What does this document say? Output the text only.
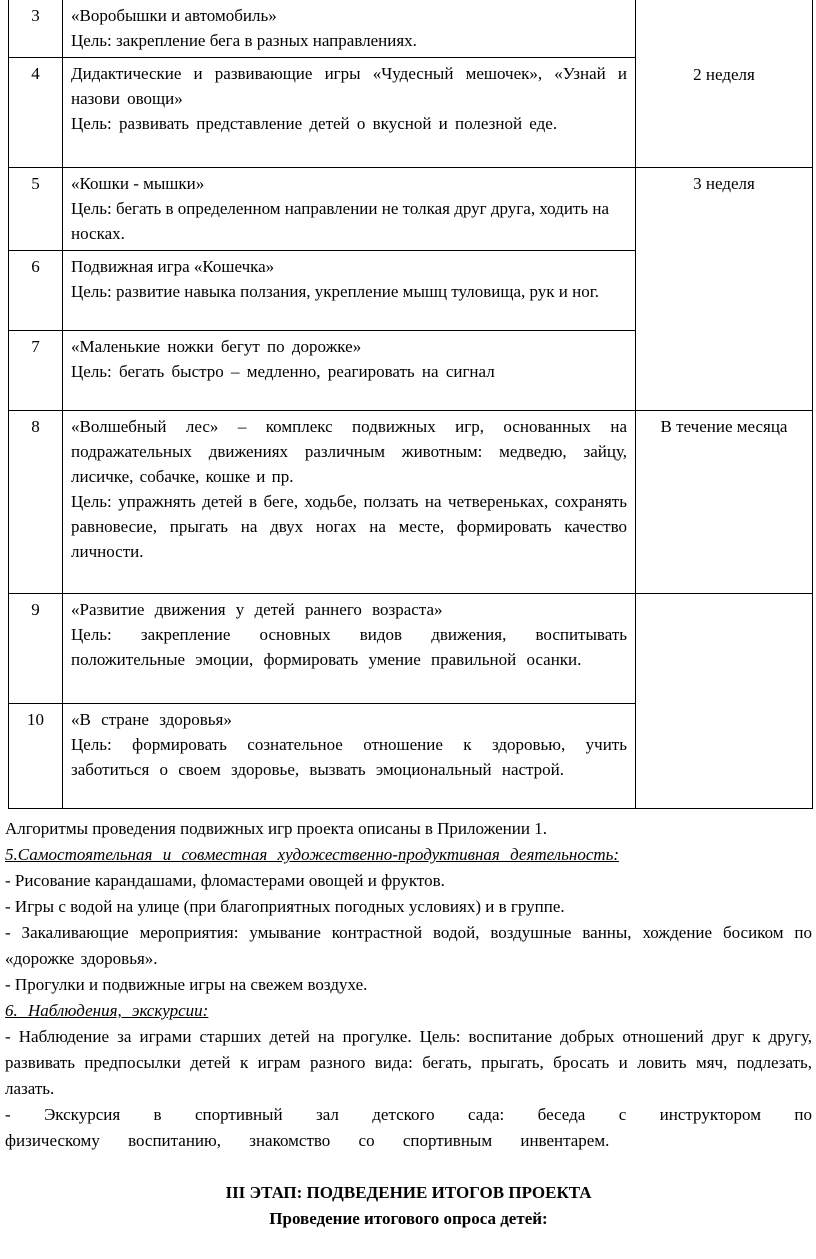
3	«Воробышки и автомобиль»

Цель: закрепление бега в разных направлениях.	2 неделя
4	Дидактические и развивающие игры «Чудесный мешочек», «Узнай и назови овощи»

Цель: развивать представление детей о вкусной и полезной еде.	

5	«Кошки - мышки»

Цель: бегать в определенном направлении не толкая друг друга, ходить на носках.	3 неделя
6	Подвижная игра «Кошечка»

Цель: развитие навыка ползания, укрепление мышц туловища, рук и ног.	

7	«Маленькие ножки бегут по дорожке»

Цель: бегать быстро – медленно, реагировать на сигнал	

8	«Волшебный лес» – комплекс подвижных игр, основанных на подражательных движениях различным животным: медведю, зайцу, лисичке, собачке, кошке и пр.

Цель: упражнять детей в беге, ходьбе, ползать на четвереньках, сохранять равновесие, прыгать на двух ногах на месте, формировать качество личности.	В течение месяца
9	«Развитие движения у детей раннего возраста»

Цель: закрепление основных видов движения, воспитывать положительные эмоции, формировать умение правильной осанки.	

10	«В стране здоровья»

Цель: формировать сознательное отношение к здоровью, учить заботиться о своем здоровье, вызвать эмоциональный настрой.	

Алгоритмы проведения подвижных игр проекта описаны в Приложении 1.

5.Самостоятельная и совместная художественно-продуктивная деятельность:

- Рисование карандашами, фломастерами овощей и фруктов.

- Игры с водой на улице (при благоприятных погодных условиях) и в группе.

- Закаливающие мероприятия: умывание контрастной водой, воздушные ванны, хождение босиком по «дорожке здоровья».

- Прогулки и подвижные игры на свежем воздухе.

6. Наблюдения, экскурсии:

- Наблюдение за играми старших детей на прогулке. Цель: воспитание добрых отношений друг к другу, развивать предпосылки детей к играм разного вида: бегать, прыгать, бросать и ловить мяч, подлезать, лазать.

- Экскурсия в спортивный зал детского сада: беседа с инструктором по физическому воспитанию, знакомство со спортивным инвентарем.

III ЭТАП: ПОДВЕДЕНИЕ ИТОГОВ ПРОЕКТА

Проведение итогового опроса детей:
